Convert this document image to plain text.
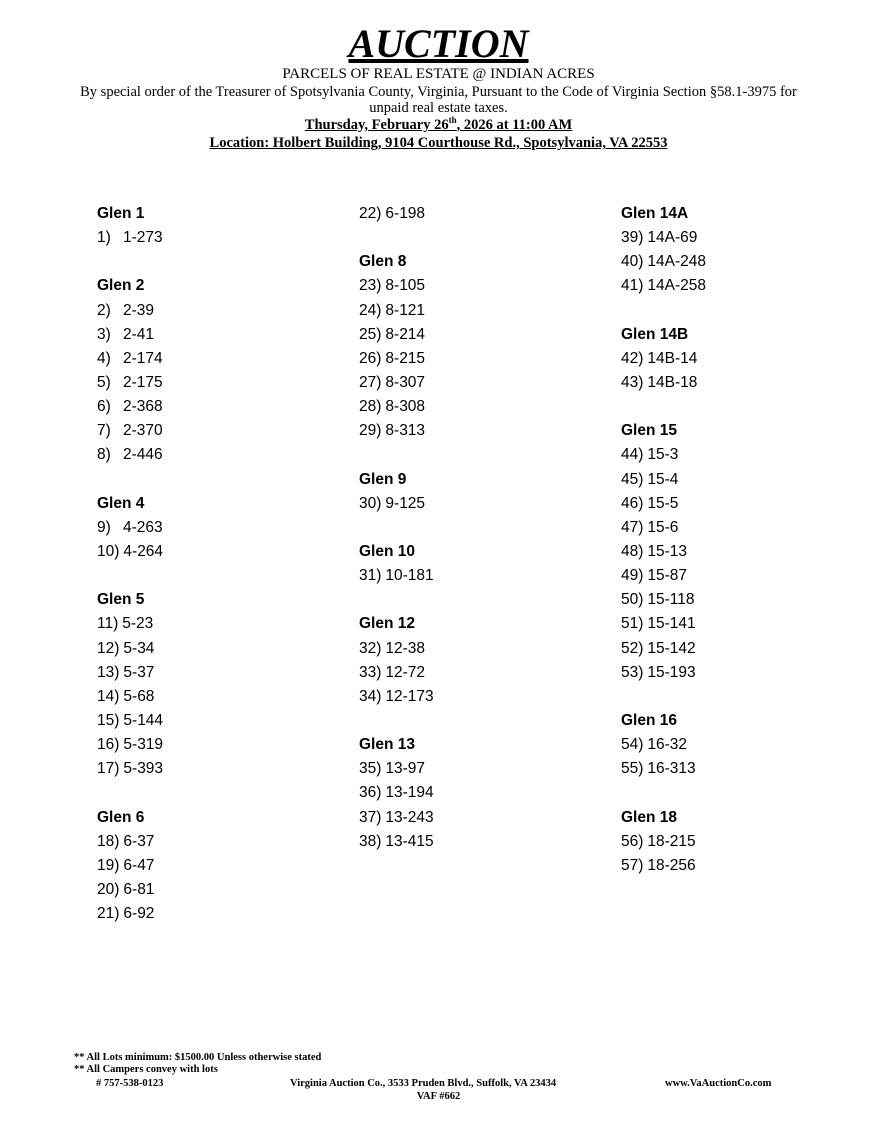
AUCTION
PARCELS OF REAL ESTATE @ INDIAN ACRES
By special order of the Treasurer of Spotsylvania County, Virginia, Pursuant to the Code of Virginia Section §58.1-3975 for unpaid real estate taxes.
Thursday, February 26th, 2026 at 11:00 AM
Location: Holbert Building, 9104 Courthouse Rd., Spotsylvania, VA 22553
Glen 1
1) 1-273
Glen 2
2) 2-39
3) 2-41
4) 2-174
5) 2-175
6) 2-368
7) 2-370
8) 2-446
Glen 4
9) 4-263
10) 4-264
Glen 5
11) 5-23
12) 5-34
13) 5-37
14) 5-68
15) 5-144
16) 5-319
17) 5-393
Glen 6
18) 6-37
19) 6-47
20) 6-81
21) 6-92
22) 6-198
Glen 8
23) 8-105
24) 8-121
25) 8-214
26) 8-215
27) 8-307
28) 8-308
29) 8-313
Glen 9
30) 9-125
Glen 10
31) 10-181
Glen 12
32) 12-38
33) 12-72
34) 12-173
Glen 13
35) 13-97
36) 13-194
37) 13-243
38) 13-415
Glen 14A
39) 14A-69
40) 14A-248
41) 14A-258
Glen 14B
42) 14B-14
43) 14B-18
Glen 15
44) 15-3
45) 15-4
46) 15-5
47) 15-6
48) 15-13
49) 15-87
50) 15-118
51) 15-141
52) 15-142
53) 15-193
Glen 16
54) 16-32
55) 16-313
Glen 18
56) 18-215
57) 18-256
** All Lots minimum: $1500.00 Unless otherwise stated
** All Campers convey with lots
# 757-538-0123	Virginia Auction Co., 3533 Pruden Blvd., Suffolk, VA 23434	www.VaAuctionCo.com
VAF #662
